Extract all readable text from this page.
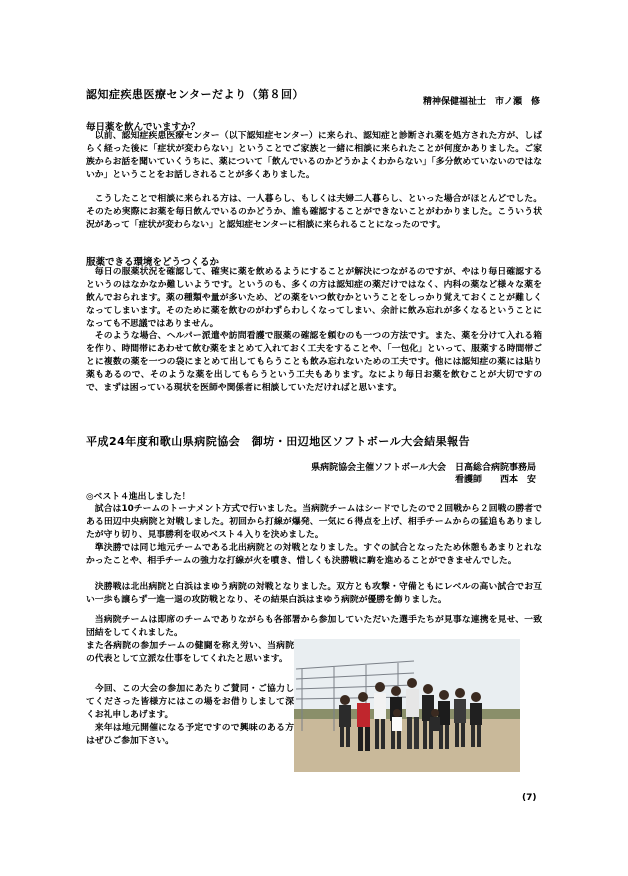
認知症疾患医療センターだより（第８回）
精神保健福祉士　市ノ瀬　修
毎日薬を飲んでいますか？

以前、認知症疾患医療センター（以下認知症センター）に来られ、認知症と診断され薬を処方された方が、しばらく経った後に「症状が変わらない」ということでご家族と一緒に相談に来られたことが何度かありました。ご家族からお話を聞いていくうちに、薬について「飲んでいるのかどうかよくわからない」「多分飲めていないのではないか」ということをお話しされることが多くありました。

こうしたことで相談に来られる方は、一人暮らし、もしくは夫婦二人暮らし、といった場合がほとんどでした。そのため実際にお薬を毎日飲んでいるのかどうか、誰も確認することができないことがわかりました。こういう状況があって「症状が変わらない」と認知症センターに相談に来られることになったのです。

服薬できる環境をどうつくるか

毎日の服薬状況を確認して、確実に薬を飲めるようにすることが解決につながるのですが、やはり毎日確認するというのはなかなか難しいようです。というのも、多くの方は認知症の薬だけではなく、内科の薬など様々な薬を飲んでおられます。薬の種類や量が多いため、どの薬をいつ飲むかということをしっかり覚えておくことが難しくなってしまいます。そのために薬を飲むのがわずらわしくなってしまい、余計に飲み忘れが多くなるということになっても不思議ではありません。

そのような場合、ヘルパー派遣や訪問看護で服薬の確認を頼むのも一つの方法です。また、薬を分けて入れる箱を作り、時間帯にあわせて飲む薬をまとめて入れておく工夫をすることや、「一包化」といって、服薬する時間帯ごとに複数の薬を一つの袋にまとめて出してもらうことも飲み忘れないための工夫です。他には認知症の薬には貼り薬もあるので、そのような薬を出してもらうという工夫もあります。なにより毎日お薬を飲むことが大切ですので、まずは困っている現状を医師や関係者に相談していただければと思います。

平成24年度和歌山県病院協会　御坊・田辺地区ソフトボール大会結果報告
県病院協会主催ソフトボール大会　日高総合病院事務局
看護師　　西本　安
◎ベスト４進出しました！

試合は10チームのトーナメント方式で行いました。当病院チームはシードでしたので２回戦から２回戦の勝者である田辺中央病院と対戦しました。初回から打線が爆発、一気に６得点を上げ、相手チームからの猛追もありましたが守り切り、見事勝利を収めベスト４入りを決めました。

準決勝では同じ地元チームである北出病院との対戦となりました。すぐの試合となったため休憩もあまりとれなかったことや、相手チームの強力な打線が火を噴き、惜しくも決勝戦に駒を進めることができませんでした。

決勝戦は北出病院と白浜はまゆう病院の対戦となりました。双方とも攻撃・守備ともにレベルの高い試合でお互い一歩も譲らず一進一退の攻防戦となり、その結果白浜はまゆう病院が優勝を飾りました。

当病院チームは即席のチームでありながらも各部署から参加していただいた選手たちが見事な連携を見せ、一致団結をしてくれました。

また各病院の参加チームの健闘を称え労い、当病院の代表として立派な仕事をしてくれたと思います。

今回、この大会の参加にあたりご賛同・ご協力してくださった皆様方にはこの場をお借りしまして深くお礼申しあげます。

来年は地元開催になる予定ですので興味のある方はぜひご参加下さい。

(7)
